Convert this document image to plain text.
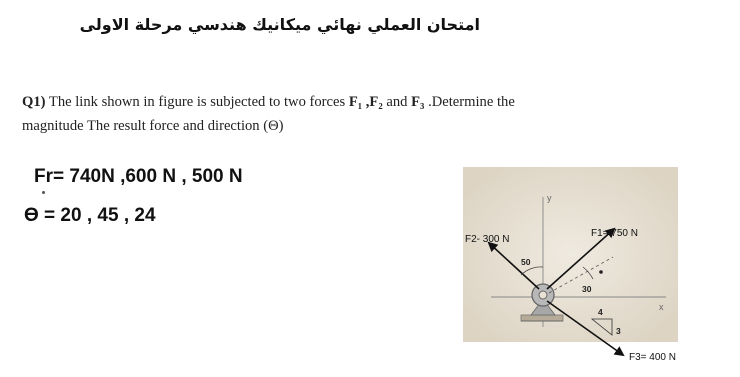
امتحان العملي نهائي ميكانيك هندسي مرحلة الاولى
Q1) The link shown in figure is subjected to two forces F₁ ,F₂ and F₃ .Determine the
magnitude The result force and direction (Θ)
Fr= 740N ,600 N , 500 N
ϴ = 20 , 45 , 24
y
x
50
30
4
3
F2- 300 N
F1= 750 N
F3= 400 N
